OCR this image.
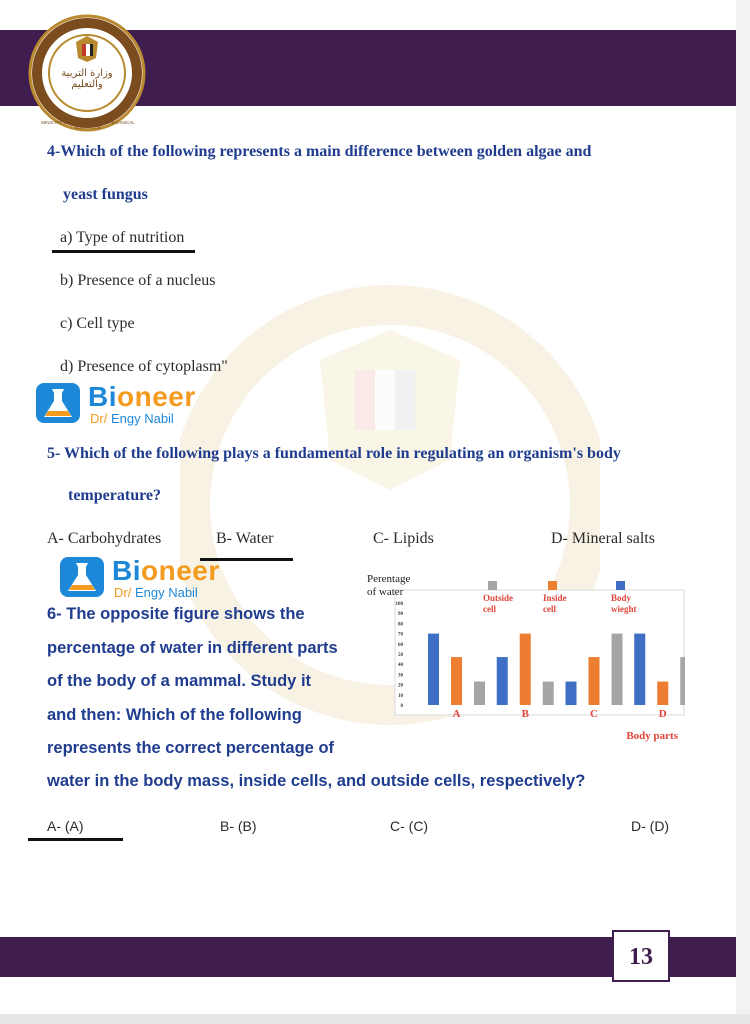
وزارة التربية والتعليم
MINISTRY OF EDUCATION AND TECHNICAL EDUCATION
4-Which of the following represents a main difference between golden algae and
yeast fungus
a) Type of nutrition
b) Presence of a nucleus
c) Cell type
d) Presence of cytoplasm"
Bioneer
Dr/ Engy Nabil
5- Which of the following plays a fundamental role in regulating an organism's body
temperature?
A- Carbohydrates	B- Water	C- Lipids	D- Mineral salts
Bioneer
Dr/ Engy Nabil
6- The opposite figure shows the
percentage of water in different parts
of the body of a mammal. Study it
and then: Which of the following
represents the correct percentage of
water in the body mass, inside cells, and outside cells, respectively?
A- (A)	B- (B)	C- (C)	D- (D)
Perentage
of water
100
90
80
70
60
50
40
30
20
10
0
Outside
cell
Inside
cell
Body
wieght
A	B	C	D
Body parts
13
